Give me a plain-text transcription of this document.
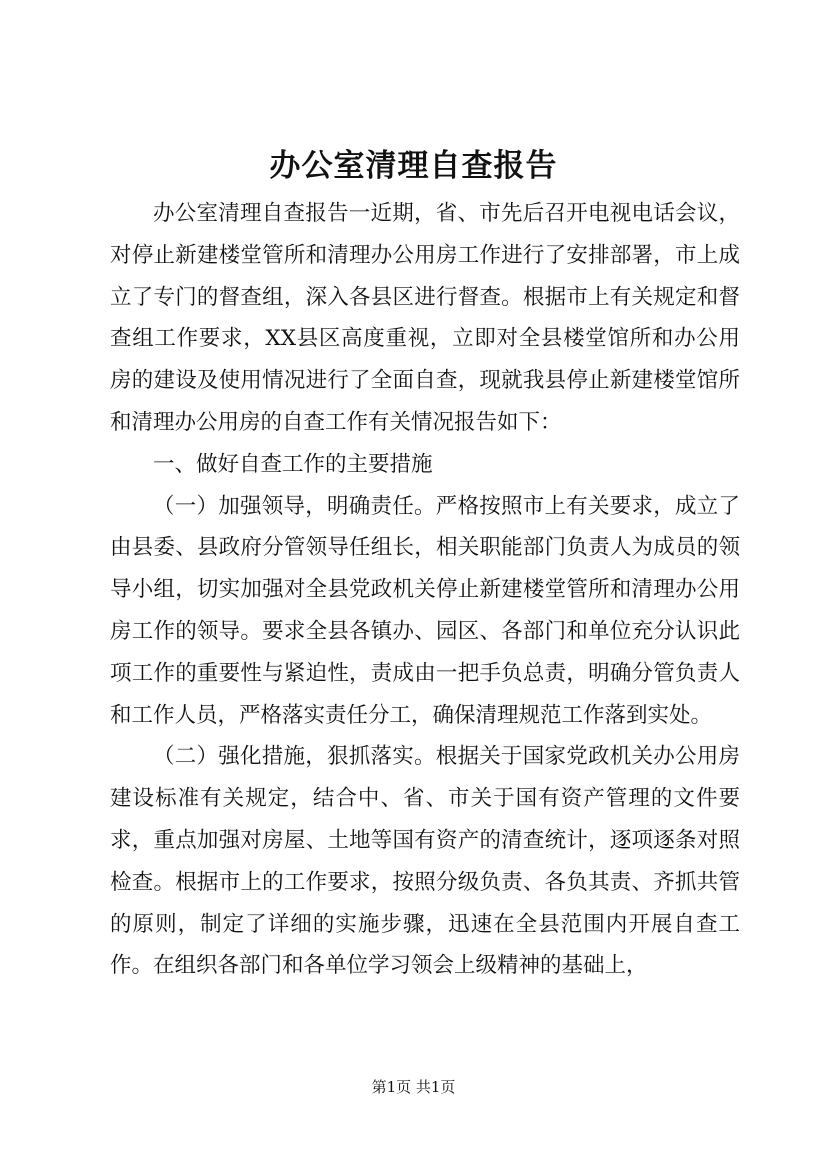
办公室清理自查报告

办公室清理自查报告一近期，省、市先后召开电视电话会议，对停止新建楼堂管所和清理办公用房工作进行了安排部署，市上成立了专门的督查组，深入各县区进行督查。根据市上有关规定和督查组工作要求，XX县区高度重视，立即对全县楼堂馆所和办公用房的建设及使用情况进行了全面自查，现就我县停止新建楼堂馆所和清理办公用房的自查工作有关情况报告如下：

一、做好自查工作的主要措施

（一）加强领导，明确责任。严格按照市上有关要求，成立了由县委、县政府分管领导任组长，相关职能部门负责人为成员的领导小组，切实加强对全县党政机关停止新建楼堂管所和清理办公用房工作的领导。要求全县各镇办、园区、各部门和单位充分认识此项工作的重要性与紧迫性，责成由一把手负总责，明确分管负责人和工作人员，严格落实责任分工，确保清理规范工作落到实处。

（二）强化措施，狠抓落实。根据关于国家党政机关办公用房建设标准有关规定，结合中、省、市关于国有资产管理的文件要求，重点加强对房屋、土地等国有资产的清查统计，逐项逐条对照检查。根据市上的工作要求，按照分级负责、各负其责、齐抓共管的原则，制定了详细的实施步骤，迅速在全县范围内开展自查工作。在组织各部门和各单位学习领会上级精神的基础上，

第1页 共1页
